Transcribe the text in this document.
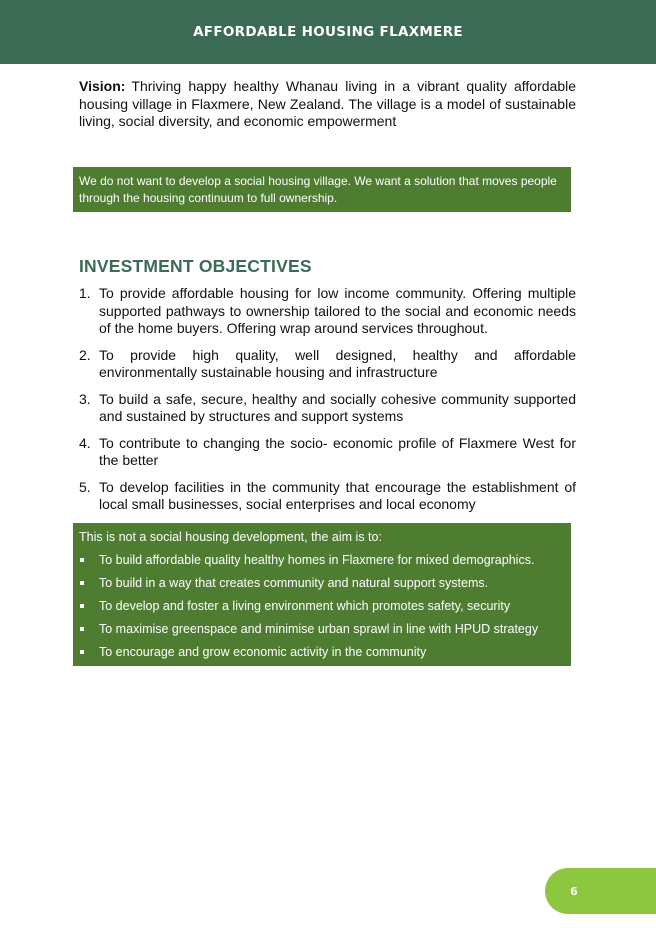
AFFORDABLE HOUSING FLAXMERE

Vision: Thriving happy healthy Whanau living in a vibrant quality affordable housing village in Flaxmere, New Zealand. The village is a model of sustainable living, social diversity, and economic empowerment

We do not want to develop a social housing village. We want a solution that moves people through the housing continuum to full ownership.
INVESTMENT OBJECTIVES
1. To provide affordable housing for low income community. Offering multiple supported pathways to ownership tailored to the social and economic needs of the home buyers. Offering wrap around services throughout.
2. To provide high quality, well designed, healthy and affordable environmentally sustainable housing and infrastructure
3. To build a safe, secure, healthy and socially cohesive community supported and sustained by structures and support systems
4. To contribute to changing the socio- economic profile of Flaxmere West for the better
5. To develop facilities in the community that encourage the establishment of local small businesses, social enterprises and local economy
This is not a social housing development, the aim is to:
To build affordable quality healthy homes in Flaxmere for mixed demographics.
To build in a way that creates community and natural support systems.
To develop and foster a living environment which promotes safety, security
To maximise greenspace and minimise urban sprawl in line with HPUD strategy
To encourage and grow economic activity in the community
6
